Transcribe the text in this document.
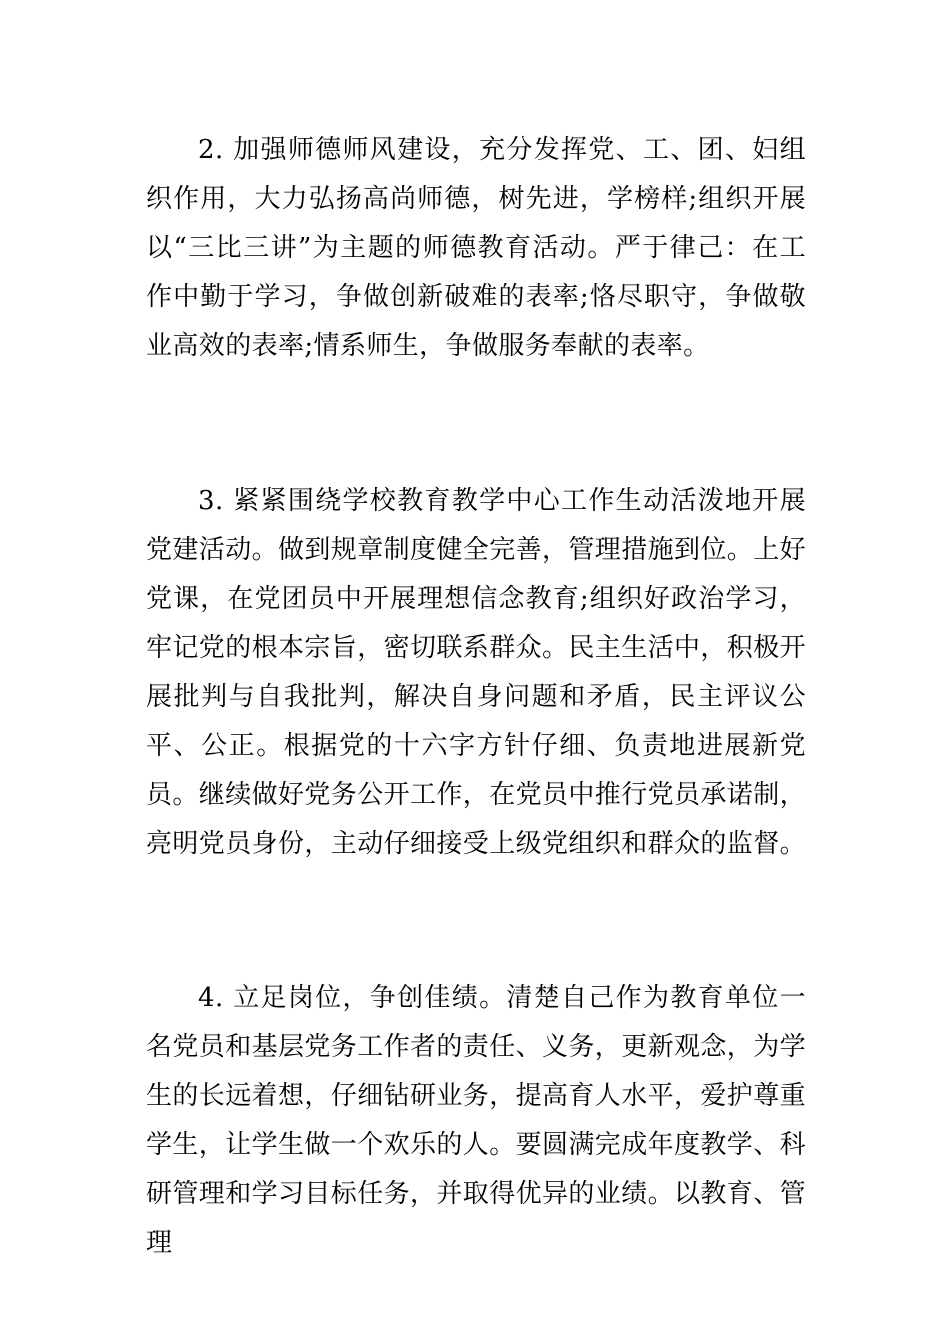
2. 加强师德师风建设，充分发挥党、工、团、妇组织作用，大力弘扬高尚师德，树先进，学榜样;组织开展以“三比三讲”为主题的师德教育活动。严于律己：在工作中勤于学习，争做创新破难的表率;恪尽职守，争做敬业高效的表率;情系师生，争做服务奉献的表率。

3. 紧紧围绕学校教育教学中心工作生动活泼地开展党建活动。做到规章制度健全完善，管理措施到位。上好党课，在党团员中开展理想信念教育;组织好政治学习，牢记党的根本宗旨，密切联系群众。民主生活中，积极开展批判与自我批判，解决自身问题和矛盾，民主评议公平、公正。根据党的十六字方针仔细、负责地进展新党员。继续做好党务公开工作，在党员中推行党员承诺制，亮明党员身份，主动仔细接受上级党组织和群众的监督。

4. 立足岗位，争创佳绩。清楚自己作为教育单位一名党员和基层党务工作者的责任、义务，更新观念，为学生的长远着想，仔细钻研业务，提高育人水平，爱护尊重学生，让学生做一个欢乐的人。要圆满完成年度教学、科研管理和学习目标任务，并取得优异的业绩。以教育、管理
